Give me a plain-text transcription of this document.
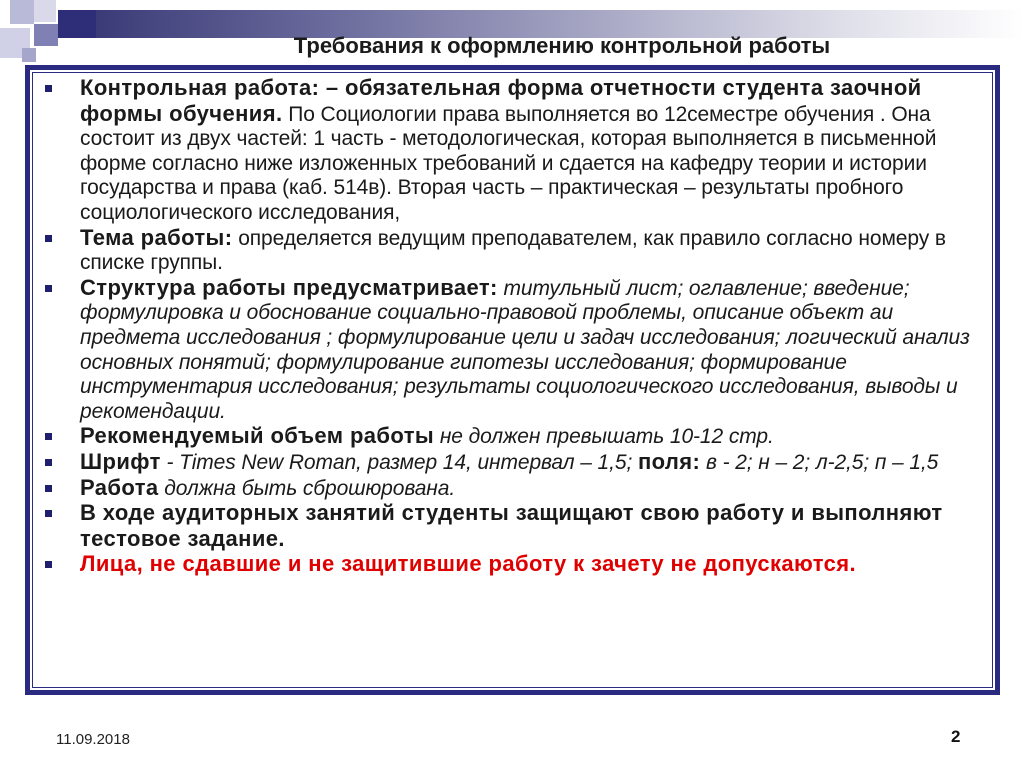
Требования к оформлению контрольной работы
Контрольная работа: – обязательная форма отчетности студента заочной формы обучения. По Социологии права выполняется во 12семестре обучения . Она состоит из двух частей: 1 часть - методологическая, которая выполняется в письменной форме согласно ниже изложенных требований и сдается на кафедру теории и истории государства и права (каб. 514в). Вторая часть – практическая – результаты пробного социологического исследования,
Тема работы: определяется ведущим преподавателем, как правило согласно номеру в списке группы.
Структура работы предусматривает: титульный лист; оглавление; введение; формулировка и обоснование социально-правовой проблемы, описание объект аи предмета исследования ; формулирование цели и задач исследования; логический анализ основных понятий; формулирование гипотезы исследования; формирование инструментария исследования; результаты социологического исследования, выводы и рекомендации.
Рекомендуемый объем работы не должен превышать 10-12 стр.
Шрифт - Times New Roman, размер 14, интервал – 1,5; поля: в - 2; н – 2; л-2,5; п – 1,5
Работа должна быть сброшюрована.
В ходе аудиторных занятий студенты защищают свою работу и выполняют тестовое задание.
Лица, не сдавшие и не защитившие работу к зачету не допускаются.
11.09.2018	2
